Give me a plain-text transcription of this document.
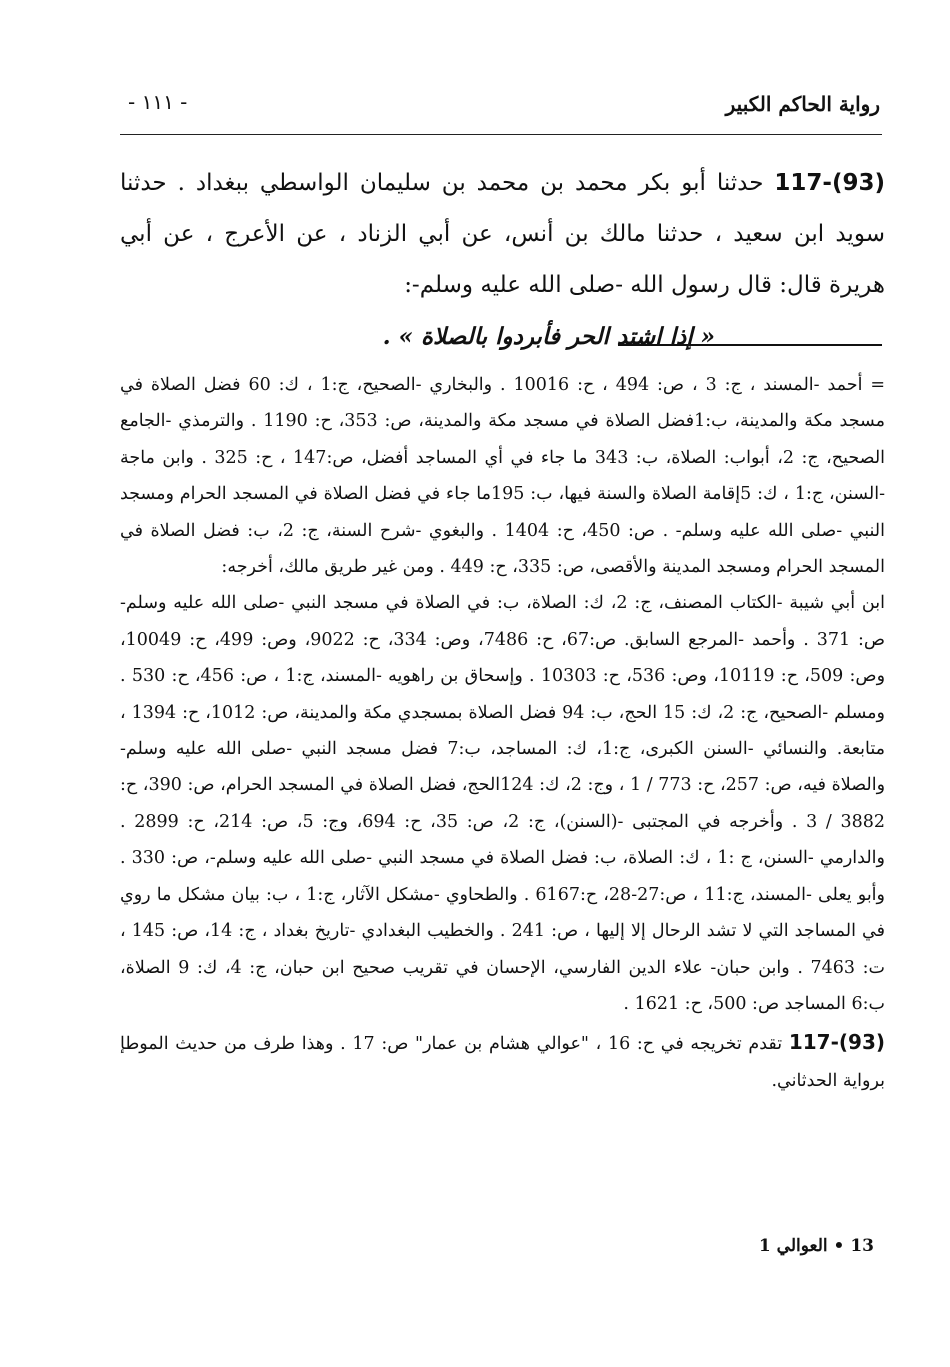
رواية الحاكم الكبير
- ١١١ -

117-(93) حدثنا أبو بكر محمد بن محمد بن سليمان الواسطي ببغداد . حدثنا سويد ابن سعيد ، حدثنا مالك بن أنس، عن أبي الزناد ، عن الأعرج ، عن أبي هريرة قال: قال رسول الله -صلى الله عليه وسلم-:

« إذا اشتد الحر فأبردوا بالصلاة » .

= أحمد -المسند ، ج: 3 ، ص: 494 ، ح: 10016 . والبخاري -الصحيح، ج:1 ، ك: 60 فضل الصلاة في مسجد مكة والمدينة، ب:1فضل الصلاة في مسجد مكة والمدينة، ص: 353، ح: 1190 . والترمذي -الجامع الصحيح، ج: 2، أبواب: الصلاة، ب: 343 ما جاء في أي المساجد أفضل، ص:147 ، ح: 325 . وابن ماجة -السنن، ج:1 ، ك: 5إقامة الصلاة والسنة فيها، ب: 195ما جاء في فضل الصلاة في المسجد الحرام ومسجد النبي -صلى الله عليه وسلم- . ص: 450، ح: 1404 . والبغوي -شرح السنة، ج: 2، ب: فضل الصلاة في المسجد الحرام ومسجد المدينة والأقصى، ص: 335، ح: 449 . ومن غير طريق مالك، أخرجه:

ابن أبي شيبة -الكتاب المصنف، ج: 2، ك: الصلاة، ب: في الصلاة في مسجد النبي -صلى الله عليه وسلم- ص: 371 . وأحمد -المرجع السابق. ص:67، ح: 7486، وص: 334، ح: 9022، وص: 499، ح: 10049، وص: 509، ح: 10119، وص: 536، ح: 10303 . وإسحاق بن راهويه -المسند، ج:1 ، ص: 456، ح: 530 . ومسلم -الصحيح، ج: 2، ك: 15 الحج، ب: 94 فضل الصلاة بمسجدي مكة والمدينة، ص: 1012، ح: 1394 ، متابعة. والنسائي -السنن الكبرى، ج:1، ك: المساجد، ب:7 فضل مسجد النبي -صلى الله عليه وسلم- والصلاة فيه، ص: 257، ح: 773 / 1 ، وج: 2، ك: 124الحج، فضل الصلاة في المسجد الحرام، ص: 390، ح: 3882 / 3 . وأخرجه في المجتبى -(السنن)، ج: 2، ص: 35، ح: 694، وج: 5، ص: 214، ح: 2899 . والدارمي -السنن، ج :1 ، ك: الصلاة، ب: فضل الصلاة في مسجد النبي -صلى الله عليه وسلم-، ص: 330 . وأبو يعلى -المسند، ج:11 ، ص:27-28، ح:6167 . والطحاوي -مشكل الآثار، ج:1 ، ب: بيان مشكل ما روي في المساجد التي لا تشد الرحال إلا إليها ، ص: 241 . والخطيب البغدادي -تاريخ بغداد ، ج: 14، ص: 145 ، ت: 7463 . وابن حبان- علاء الدين الفارسي، الإحسان في تقريب صحيح ابن حبان، ج: 4، ك: 9 الصلاة، ب:6 المساجد ص: 500، ح: 1621 .

117-(93) تقدم تخريجه في ح: 16 ، "عوالي هشام بن عمار" ص: 17 . وهذا طرف من حديث الموطإ برواية الحدثاني.

13 • العوالي 1
